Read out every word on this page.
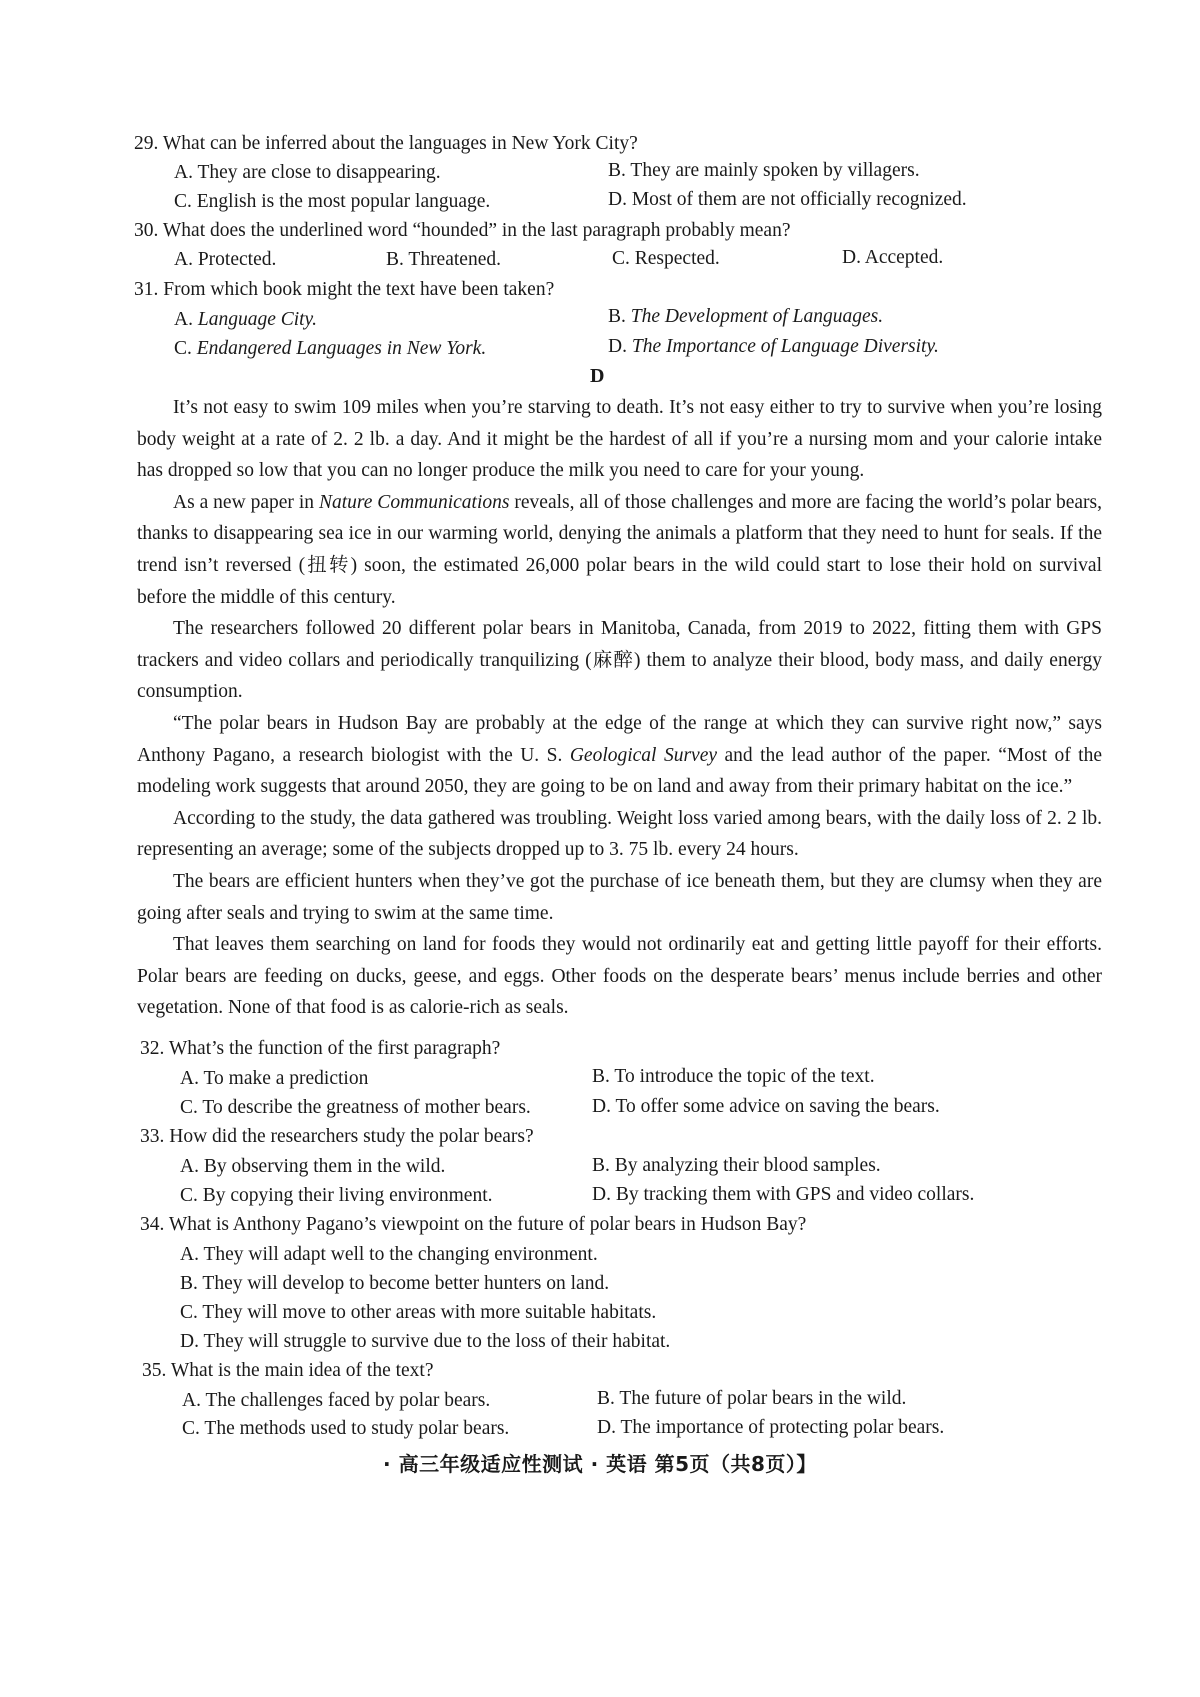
29. What can be inferred about the languages in New York City?
A. They are close to disappearing.	B. They are mainly spoken by villagers.
C. English is the most popular language.	D. Most of them are not officially recognized.
30. What does the underlined word “hounded” in the last paragraph probably mean?
A. Protected.	B. Threatened.	C. Respected.	D. Accepted.
31. From which book might the text have been taken?
A. Language City.	B. The Development of Languages.
C. Endangered Languages in New York.	D. The Importance of Language Diversity.
D

It’s not easy to swim 109 miles when you’re starving to death. It’s not easy either to try to survive when you’re losing body weight at a rate of 2. 2 lb. a day. And it might be the hardest of all if you’re a nursing mom and your calorie intake has dropped so low that you can no longer produce the milk you need to care for your young.

As a new paper in Nature Communications reveals, all of those challenges and more are facing the world’s polar bears, thanks to disappearing sea ice in our warming world, denying the animals a platform that they need to hunt for seals. If the trend isn’t reversed (扭转) soon, the estimated 26,000 polar bears in the wild could start to lose their hold on survival before the middle of this century.

The researchers followed 20 different polar bears in Manitoba, Canada, from 2019 to 2022, fitting them with GPS trackers and video collars and periodically tranquilizing (麻醉) them to analyze their blood, body mass, and daily energy consumption.

“The polar bears in Hudson Bay are probably at the edge of the range at which they can survive right now,” says Anthony Pagano, a research biologist with the U. S. Geological Survey and the lead author of the paper. “Most of the modeling work suggests that around 2050, they are going to be on land and away from their primary habitat on the ice.”

According to the study, the data gathered was troubling. Weight loss varied among bears, with the daily loss of 2. 2 lb. representing an average; some of the subjects dropped up to 3. 75 lb. every 24 hours.

The bears are efficient hunters when they’ve got the purchase of ice beneath them, but they are clumsy when they are going after seals and trying to swim at the same time.

That leaves them searching on land for foods they would not ordinarily eat and getting little payoff for their efforts. Polar bears are feeding on ducks, geese, and eggs. Other foods on the desperate bears’ menus include berries and other vegetation. None of that food is as calorie-rich as seals.

32. What’s the function of the first paragraph?
A. To make a prediction	B. To introduce the topic of the text.
C. To describe the greatness of mother bears.	D. To offer some advice on saving the bears.
33. How did the researchers study the polar bears?
A. By observing them in the wild.	B. By analyzing their blood samples.
C. By copying their living environment.	D. By tracking them with GPS and video collars.
34. What is Anthony Pagano’s viewpoint on the future of polar bears in Hudson Bay?
A. They will adapt well to the changing environment.
B. They will develop to become better hunters on land.
C. They will move to other areas with more suitable habitats.
D. They will struggle to survive due to the loss of their habitat.
35. What is the main idea of the text?
A. The challenges faced by polar bears.	B. The future of polar bears in the wild.
C. The methods used to study polar bears.	D. The importance of protecting polar bears.
· 高三年级适应性测试 · 英语 第5页（共8页）】
